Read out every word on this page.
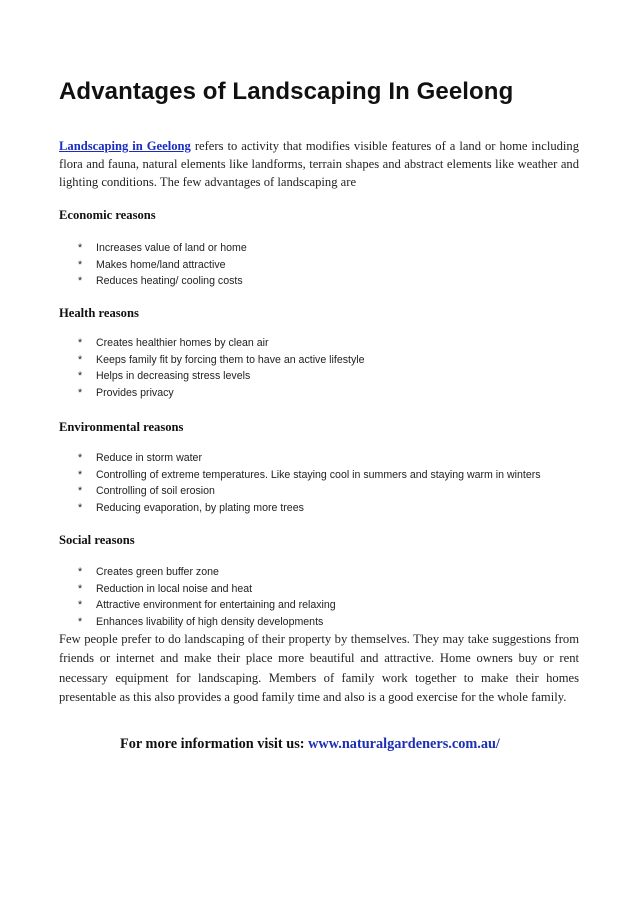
Advantages of Landscaping In Geelong

Landscaping in Geelong refers to activity that modifies visible features of a land or home including flora and fauna, natural elements like landforms, terrain shapes and abstract elements like weather and lighting conditions. The few advantages of landscaping are

Economic reasons
* Increases value of land or home
* Makes home/land attractive
* Reduces heating/ cooling costs
Health reasons
* Creates healthier homes by clean air
* Keeps family fit by forcing them to have an active lifestyle
* Helps in decreasing stress levels
* Provides privacy
Environmental reasons
* Reduce in storm water
* Controlling of extreme temperatures. Like staying cool in summers and staying warm in winters
* Controlling of soil erosion
* Reducing evaporation, by plating more trees
Social reasons
* Creates green buffer zone
* Reduction in local noise and heat
* Attractive environment for entertaining and relaxing
* Enhances livability of high density developments

Few people prefer to do landscaping of their property by themselves. They may take suggestions from friends or internet and make their place more beautiful and attractive. Home owners buy or rent necessary equipment for landscaping. Members of family work together to make their homes presentable as this also provides a good family time and also is a good exercise for the whole family.

For more information visit us: www.naturalgardeners.com.au/
